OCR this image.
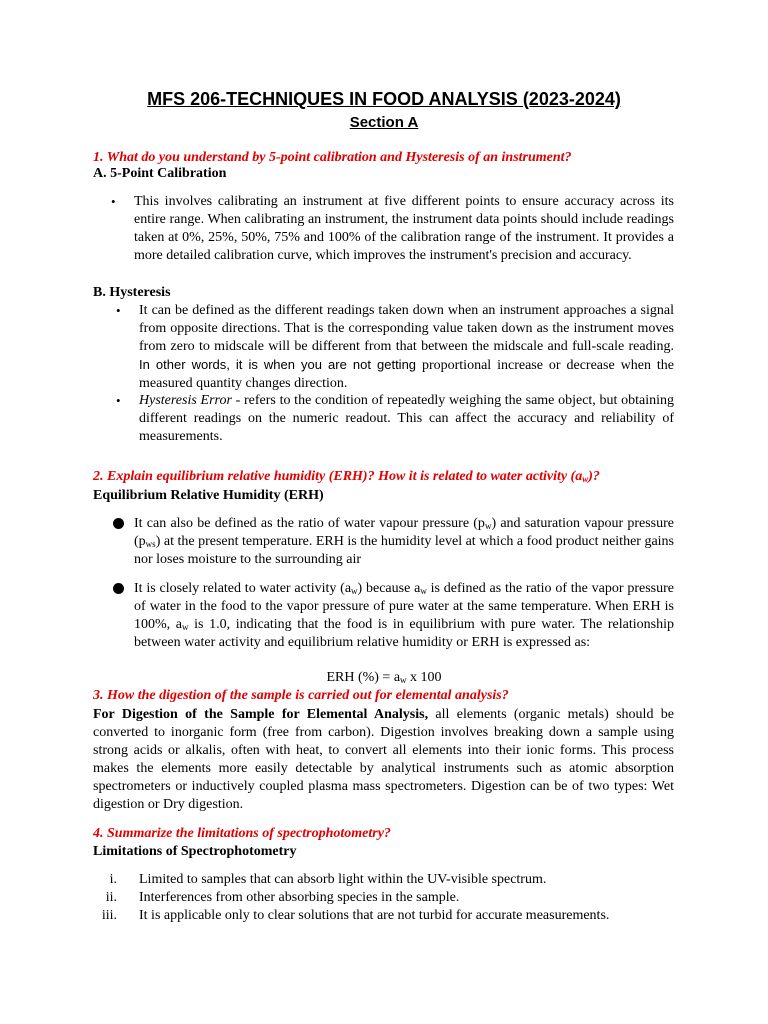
MFS 206-TECHNIQUES IN FOOD ANALYSIS (2023-2024)
Section A
1. What do you understand by 5-point calibration and Hysteresis of an instrument?
A. 5-Point Calibration
• This involves calibrating an instrument at five different points to ensure accuracy across its entire range. When calibrating an instrument, the instrument data points should include readings taken at 0%, 25%, 50%, 75% and 100% of the calibration range of the instrument. It provides a more detailed calibration curve, which improves the instrument's precision and accuracy.
B. Hysteresis
• It can be defined as the different readings taken down when an instrument approaches a signal from opposite directions. That is the corresponding value taken down as the instrument moves from zero to midscale will be different from that between the midscale and full-scale reading. In other words, it is when you are not getting proportional increase or decrease when the measured quantity changes direction.
• Hysteresis Error - refers to the condition of repeatedly weighing the same object, but obtaining different readings on the numeric readout. This can affect the accuracy and reliability of measurements.
2. Explain equilibrium relative humidity (ERH)? How it is related to water activity $(a_w)$?
Equilibrium Relative Humidity (ERH)
It can also be defined as the ratio of water vapour pressure $(p_w)$ and saturation vapour pressure $(p_{ws})$ at the present temperature. ERH is the humidity level at which a food product neither gains nor loses moisture to the surrounding air
It is closely related to water activity $(a_w)$ because $a_w$ is defined as the ratio of the vapor pressure of water in the food to the vapor pressure of pure water at the same temperature. When ERH is 100%, $a_w$ is 1.0, indicating that the food is in equilibrium with pure water. The relationship between water activity and equilibrium relative humidity or ERH is expressed as:
ERH (%) = $a_w$ x 100
3. How the digestion of the sample is carried out for elemental analysis?
For Digestion of the Sample for Elemental Analysis, all elements (organic metals) should be converted to inorganic form (free from carbon). Digestion involves breaking down a sample using strong acids or alkalis, often with heat, to convert all elements into their ionic forms. This process makes the elements more easily detectable by analytical instruments such as atomic absorption spectrometers or inductively coupled plasma mass spectrometers. Digestion can be of two types: Wet digestion or Dry digestion.
4. Summarize the limitations of spectrophotometry?
Limitations of Spectrophotometry
i. Limited to samples that can absorb light within the UV-visible spectrum.
ii. Interferences from other absorbing species in the sample.
iii. It is applicable only to clear solutions that are not turbid for accurate measurements.
